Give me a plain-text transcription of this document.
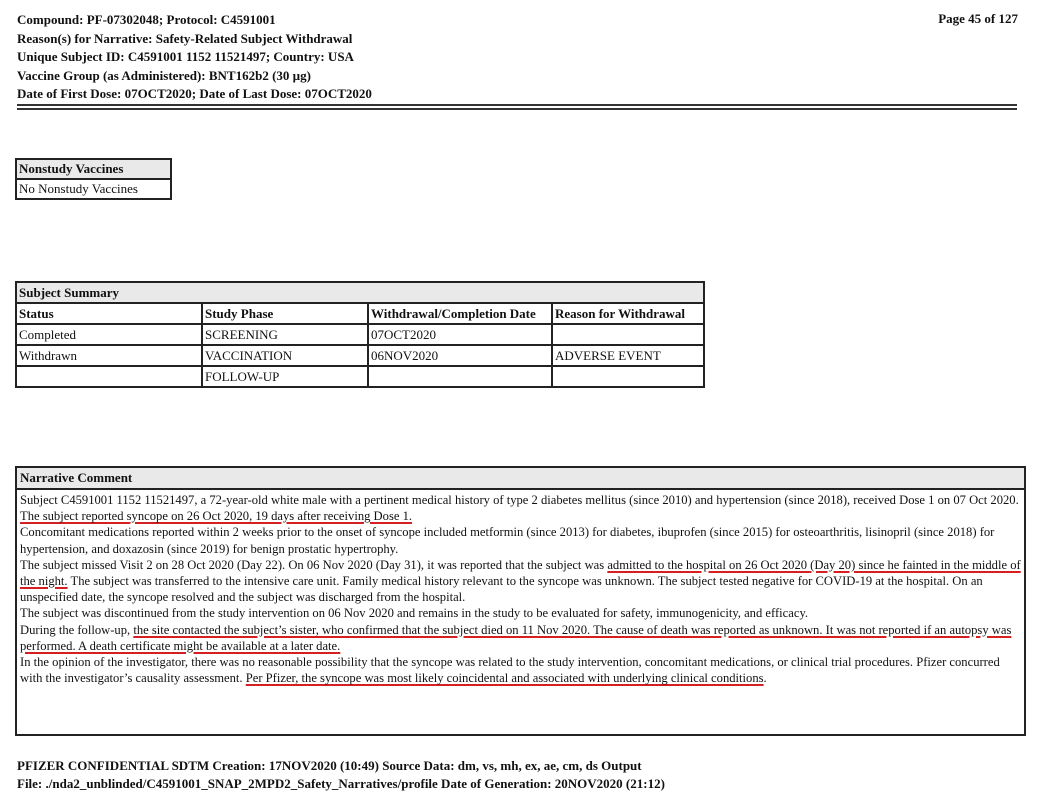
Compound: PF-07302048; Protocol: C4591001
Reason(s) for Narrative: Safety-Related Subject Withdrawal
Unique Subject ID: C4591001 1152 11521497; Country: USA
Vaccine Group (as Administered): BNT162b2 (30 µg)
Date of First Dose: 07OCT2020; Date of Last Dose: 07OCT2020
Page 45 of 127
Nonstudy Vaccines
No Nonstudy Vaccines
Subject Summary			
Status	Study Phase	Withdrawal/Completion Date	Reason for Withdrawal
Completed	SCREENING	07OCT2020	
Withdrawn	VACCINATION	06NOV2020	ADVERSE EVENT
	FOLLOW-UP		
Narrative Comment

Subject C4591001 1152 11521497, a 72-year-old white male with a pertinent medical history of type 2 diabetes mellitus (since 2010) and hypertension (since 2018), received Dose 1 on 07 Oct 2020. The subject reported syncope on 26 Oct 2020, 19 days after receiving Dose 1.

Concomitant medications reported within 2 weeks prior to the onset of syncope included metformin (since 2013) for diabetes, ibuprofen (since 2015) for osteoarthritis, lisinopril (since 2018) for hypertension, and doxazosin (since 2019) for benign prostatic hypertrophy.

The subject missed Visit 2 on 28 Oct 2020 (Day 22). On 06 Nov 2020 (Day 31), it was reported that the subject was admitted to the hospital on 26 Oct 2020 (Day 20) since he fainted in the middle of the night. The subject was transferred to the intensive care unit. Family medical history relevant to the syncope was unknown. The subject tested negative for COVID-19 at the hospital. On an unspecified date, the syncope resolved and the subject was discharged from the hospital.

The subject was discontinued from the study intervention on 06 Nov 2020 and remains in the study to be evaluated for safety, immunogenicity, and efficacy.

During the follow-up, the site contacted the subject’s sister, who confirmed that the subject died on 11 Nov 2020. The cause of death was reported as unknown. It was not reported if an autopsy was performed. A death certificate might be available at a later date.

In the opinion of the investigator, there was no reasonable possibility that the syncope was related to the study intervention, concomitant medications, or clinical trial procedures. Pfizer concurred with the investigator’s causality assessment. Per Pfizer, the syncope was most likely coincidental and associated with underlying clinical conditions.

PFIZER CONFIDENTIAL SDTM Creation: 17NOV2020 (10:49) Source Data: dm, vs, mh, ex, ae, cm, ds Output
File: ./nda2_unblinded/C4591001_SNAP_2MPD2_Safety_Narratives/profile Date of Generation: 20NOV2020 (21:12)
